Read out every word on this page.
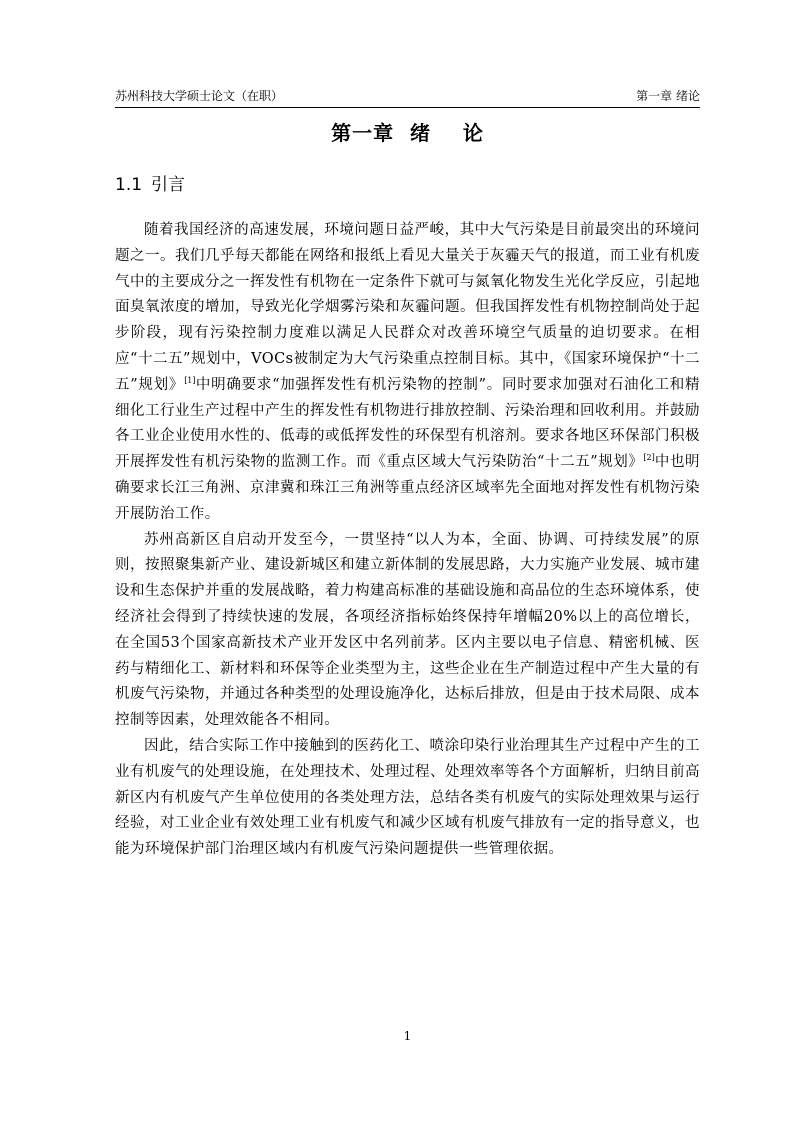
苏州科技大学硕士论文（在职）	第一章 绪论
第一章  绪    论
1.1 引言

随着我国经济的高速发展，环境问题日益严峻，其中大气污染是目前最突出的环境问题之一。我们几乎每天都能在网络和报纸上看见大量关于灰霾天气的报道，而工业有机废气中的主要成分之一挥发性有机物在一定条件下就可与氮氧化物发生光化学反应，引起地面臭氧浓度的增加，导致光化学烟雾污染和灰霾问题。但我国挥发性有机物控制尚处于起步阶段，现有污染控制力度难以满足人民群众对改善环境空气质量的迫切要求。在相应“十二五”规划中，VOCs被制定为大气污染重点控制目标。其中，《国家环境保护“十二五”规划》[1]中明确要求“加强挥发性有机污染物的控制”。同时要求加强对石油化工和精细化工行业生产过程中产生的挥发性有机物进行排放控制、污染治理和回收利用。并鼓励各工业企业使用水性的、低毒的或低挥发性的环保型有机溶剂。要求各地区环保部门积极开展挥发性有机污染物的监测工作。而《重点区域大气污染防治“十二五”规划》[2]中也明确要求长江三角洲、京津冀和珠江三角洲等重点经济区域率先全面地对挥发性有机物污染开展防治工作。

苏州高新区自启动开发至今，一贯坚持“以人为本，全面、协调、可持续发展”的原则，按照聚集新产业、建设新城区和建立新体制的发展思路，大力实施产业发展、城市建设和生态保护并重的发展战略，着力构建高标准的基础设施和高品位的生态环境体系，使经济社会得到了持续快速的发展，各项经济指标始终保持年增幅20%以上的高位增长，在全国53个国家高新技术产业开发区中名列前茅。区内主要以电子信息、精密机械、医药与精细化工、新材料和环保等企业类型为主，这些企业在生产制造过程中产生大量的有机废气污染物，并通过各种类型的处理设施净化，达标后排放，但是由于技术局限、成本控制等因素，处理效能各不相同。

因此，结合实际工作中接触到的医药化工、喷涂印染行业治理其生产过程中产生的工业有机废气的处理设施，在处理技术、处理过程、处理效率等各个方面解析，归纳目前高新区内有机废气产生单位使用的各类处理方法，总结各类有机废气的实际处理效果与运行经验，对工业企业有效处理工业有机废气和减少区域有机废气排放有一定的指导意义，也能为环境保护部门治理区域内有机废气污染问题提供一些管理依据。

1
